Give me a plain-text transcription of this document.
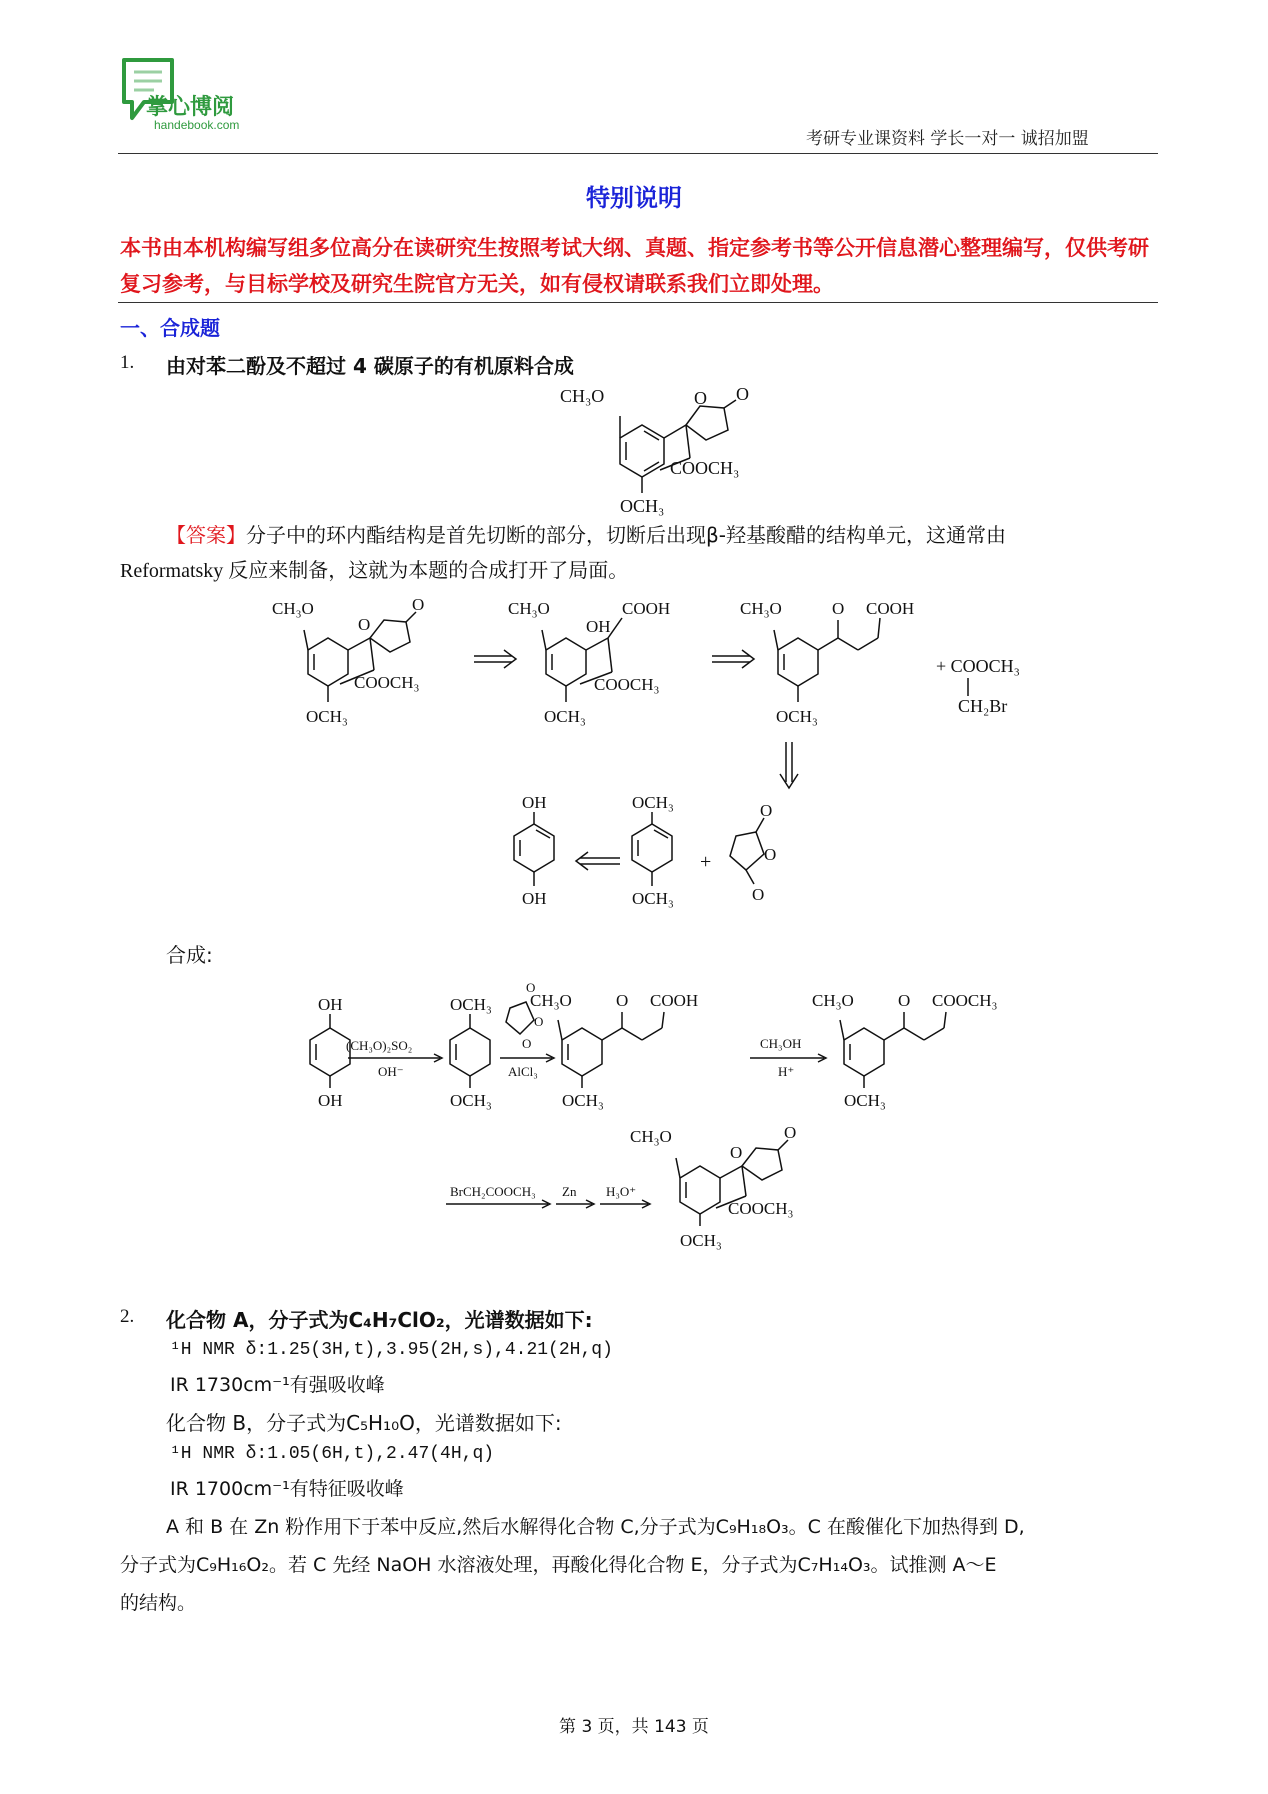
掌心博阅
handebook.com
考研专业课资料 学长一对一 诚招加盟
特别说明
本书由本机构编写组多位高分在读研究生按照考试大纲、真题、指定参考书等公开信息潜心整理编写，仅供考研复习参考，与目标学校及研究生院官方无关，如有侵权请联系我们立即处理。
一、合成题
1. 由对苯二酚及不超过 4 碳原子的有机原料合成
CH₃O	O O
COOCH₃
OCH₃
【答案】分子中的环内酯结构是首先切断的部分，切断后出现β-羟基酸醋的结构单元，这通常由
Reformatsky 反应来制备，这就为本题的合成打开了局面。
CH₃O
O
O
COOCH₃
OCH₃
CH₃O
OH
COOH
COOCH₃
OCH₃
CH₃O	O COOH
OCH₃
+ COOCH₃
CH₂Br
OH
OH
OCH₃
OCH₃
+
O
O
O
合成:
OH
OH
(CH₃O)₂SO₂
OH⁻
OCH₃
OCH₃
O
O
O
AlCl₃
CH₃O	O COOH
OCH₃
CH₃OH
H⁺
CH₃O	O COOCH₃
OCH₃
BrCH₂COOCH₃ Zn H₃O⁺
CH₃O
O
O
COOCH₃
OCH₃
2. 化合物 A，分子式为C₄H₇ClO₂，光谱数据如下:
¹H NMR δ:1.25(3H,t),3.95(2H,s),4.21(2H,q)
IR 1730cm⁻¹有强吸收峰
化合物 B，分子式为C₅H₁₀O，光谱数据如下:
¹H NMR δ:1.05(6H,t),2.47(4H,q)
IR 1700cm⁻¹有特征吸收峰
A 和 B 在 Zn 粉作用下于苯中反应,然后水解得化合物 C,分子式为C₉H₁₈O₃。C 在酸催化下加热得到 D,
分子式为C₉H₁₆O₂。若 C 先经 NaOH 水溶液处理，再酸化得化合物 E，分子式为C₇H₁₄O₃。试推测 A～E
的结构。
第 3 页，共 143 页
